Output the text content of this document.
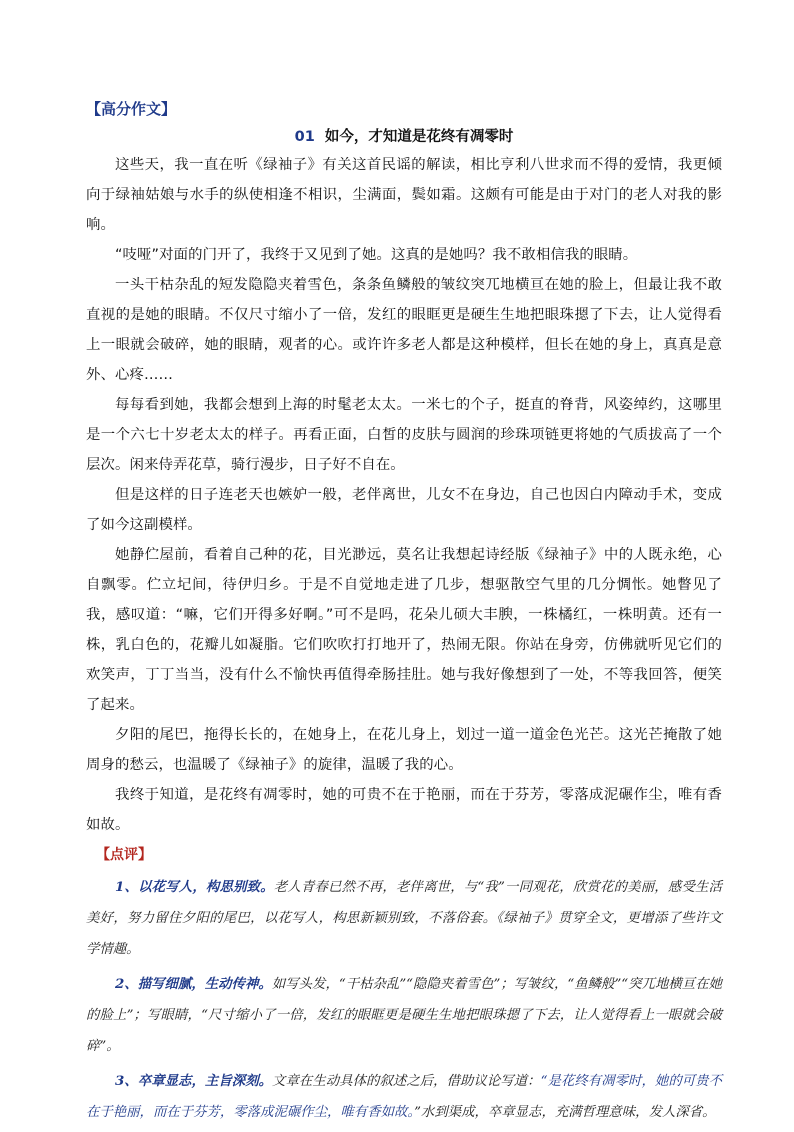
【高分作文】

01 如今，才知道是花终有凋零时

这些天，我一直在听《绿袖子》有关这首民谣的解读，相比亨利八世求而不得的爱情，我更倾向于绿袖姑娘与水手的纵使相逢不相识，尘满面，鬓如霜。这颇有可能是由于对门的老人对我的影响。

“吱哑”对面的门开了，我终于又见到了她。这真的是她吗？我不敢相信我的眼睛。

一头干枯杂乱的短发隐隐夹着雪色，条条鱼鳞般的皱纹突兀地横亘在她的脸上，但最让我不敢直视的是她的眼睛。不仅尺寸缩小了一倍，发红的眼眶更是硬生生地把眼珠摁了下去，让人觉得看上一眼就会破碎，她的眼睛，观者的心。或许许多老人都是这种模样，但长在她的身上，真真是意外、心疼……

每每看到她，我都会想到上海的时髦老太太。一米七的个子，挺直的脊背，风姿绰约，这哪里是一个六七十岁老太太的样子。再看正面，白皙的皮肤与圆润的珍珠项链更将她的气质拔高了一个层次。闲来侍弄花草，骑行漫步，日子好不自在。

但是这样的日子连老天也嫉妒一般，老伴离世，儿女不在身边，自己也因白内障动手术，变成了如今这副模样。

她静伫屋前，看着自己种的花，目光渺远，莫名让我想起诗经版《绿袖子》中的人既永绝，心自飘零。伫立圮间，待伊归乡。于是不自觉地走进了几步，想驱散空气里的几分惆怅。她瞥见了我，感叹道：“嘛，它们开得多好啊。”可不是吗，花朵儿硕大丰腴，一株橘红，一株明黄。还有一株，乳白色的，花瓣儿如凝脂。它们吹吹打打地开了，热闹无限。你站在身旁，仿佛就听见它们的欢笑声，丁丁当当，没有什么不愉快再值得牵肠挂肚。她与我好像想到了一处，不等我回答，便笑了起来。

夕阳的尾巴，拖得长长的，在她身上，在花儿身上，划过一道一道金色光芒。这光芒掩散了她周身的愁云，也温暖了《绿袖子》的旋律，温暖了我的心。

我终于知道，是花终有凋零时，她的可贵不在于艳丽，而在于芬芳，零落成泥碾作尘，唯有香如故。

【点评】

1、以花写人，构思别致。老人青春已然不再，老伴离世，与“我”一同观花，欣赏花的美丽，感受生活美好，努力留住夕阳的尾巴，以花写人，构思新颖别致，不落俗套。《绿袖子》贯穿全文，更增添了些许文学情趣。

2、描写细腻，生动传神。如写头发，“干枯杂乱”“隐隐夹着雪色”；写皱纹，“鱼鳞般”“突兀地横亘在她的脸上”；写眼睛，“尺寸缩小了一倍，发红的眼眶更是硬生生地把眼珠摁了下去，让人觉得看上一眼就会破碎”。

3、卒章显志，主旨深刻。文章在生动具体的叙述之后，借助议论写道：“是花终有凋零时，她的可贵不在于艳丽，而在于芬芳，零落成泥碾作尘，唯有香如故。”水到渠成，卒章显志，充满哲理意味，发人深省。
